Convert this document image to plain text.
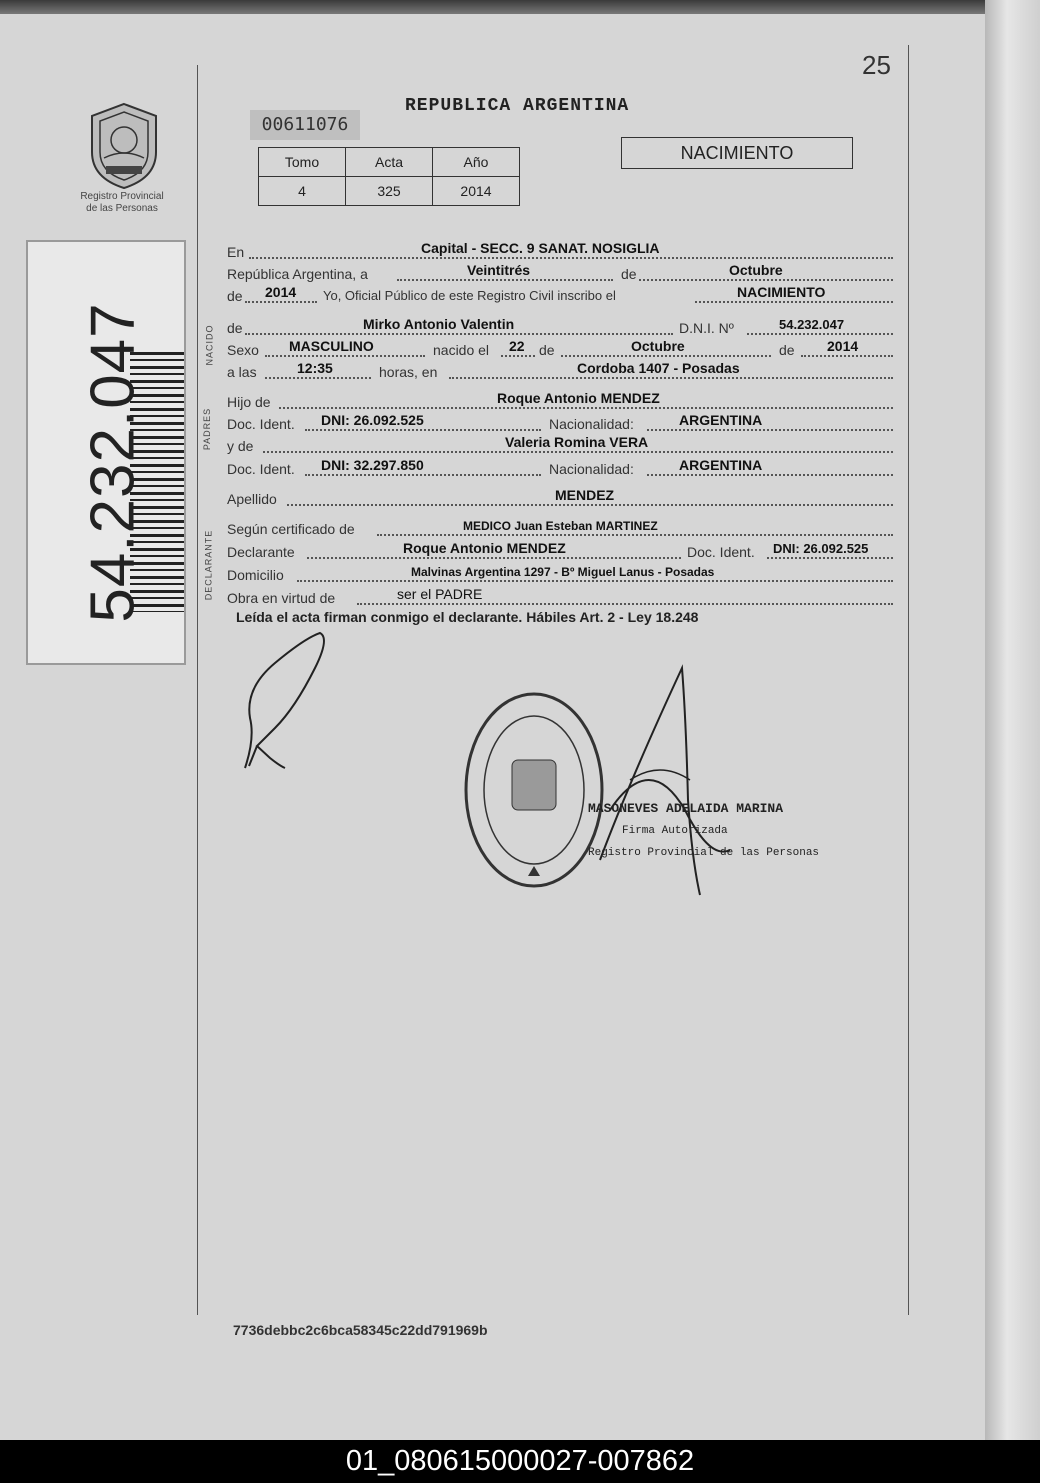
25
Registro Provincial
de las Personas
54.232.047
00611076
REPUBLICA ARGENTINA
Tomo	Acta	Año
4	325	2014
NACIMIENTO
NACIDO
PADRES
DECLARANTE
En	Capital - SECC. 9 SANAT. NOSIGLIA
República Argentina, a	Veintitrés	de	Octubre
de 2014 Yo, Oficial Público de este Registro Civil inscribo el	NACIMIENTO
de	Mirko Antonio Valentin	D.N.I. Nº	54.232.047
Sexo MASCULINO	nacido el 22 de	Octubre	de 2014
a las	12:35	horas, en	Cordoba 1407 - Posadas
Hijo de	Roque Antonio MENDEZ
Doc. Ident. DNI: 26.092.525	Nacionalidad:	ARGENTINA
y de	Valeria Romina VERA
Doc. Ident. DNI: 32.297.850	Nacionalidad:	ARGENTINA
Apellido	MENDEZ
Según certificado de	MEDICO Juan Esteban MARTINEZ
Declarante	Roque Antonio MENDEZ	Doc. Ident. DNI: 26.092.525
Domicilio	Malvinas Argentina 1297 - Bº Miguel Lanus - Posadas
Obra en virtud de	ser el PADRE
Leída el acta firman conmigo el declarante. Hábiles Art. 2 - Ley 18.248
MASONEVES ADELAIDA MARINA
Firma Autorizada
Registro Provincial de las Personas
7736debbc2c6bca58345c22dd791969b
01_080615000027-007862
